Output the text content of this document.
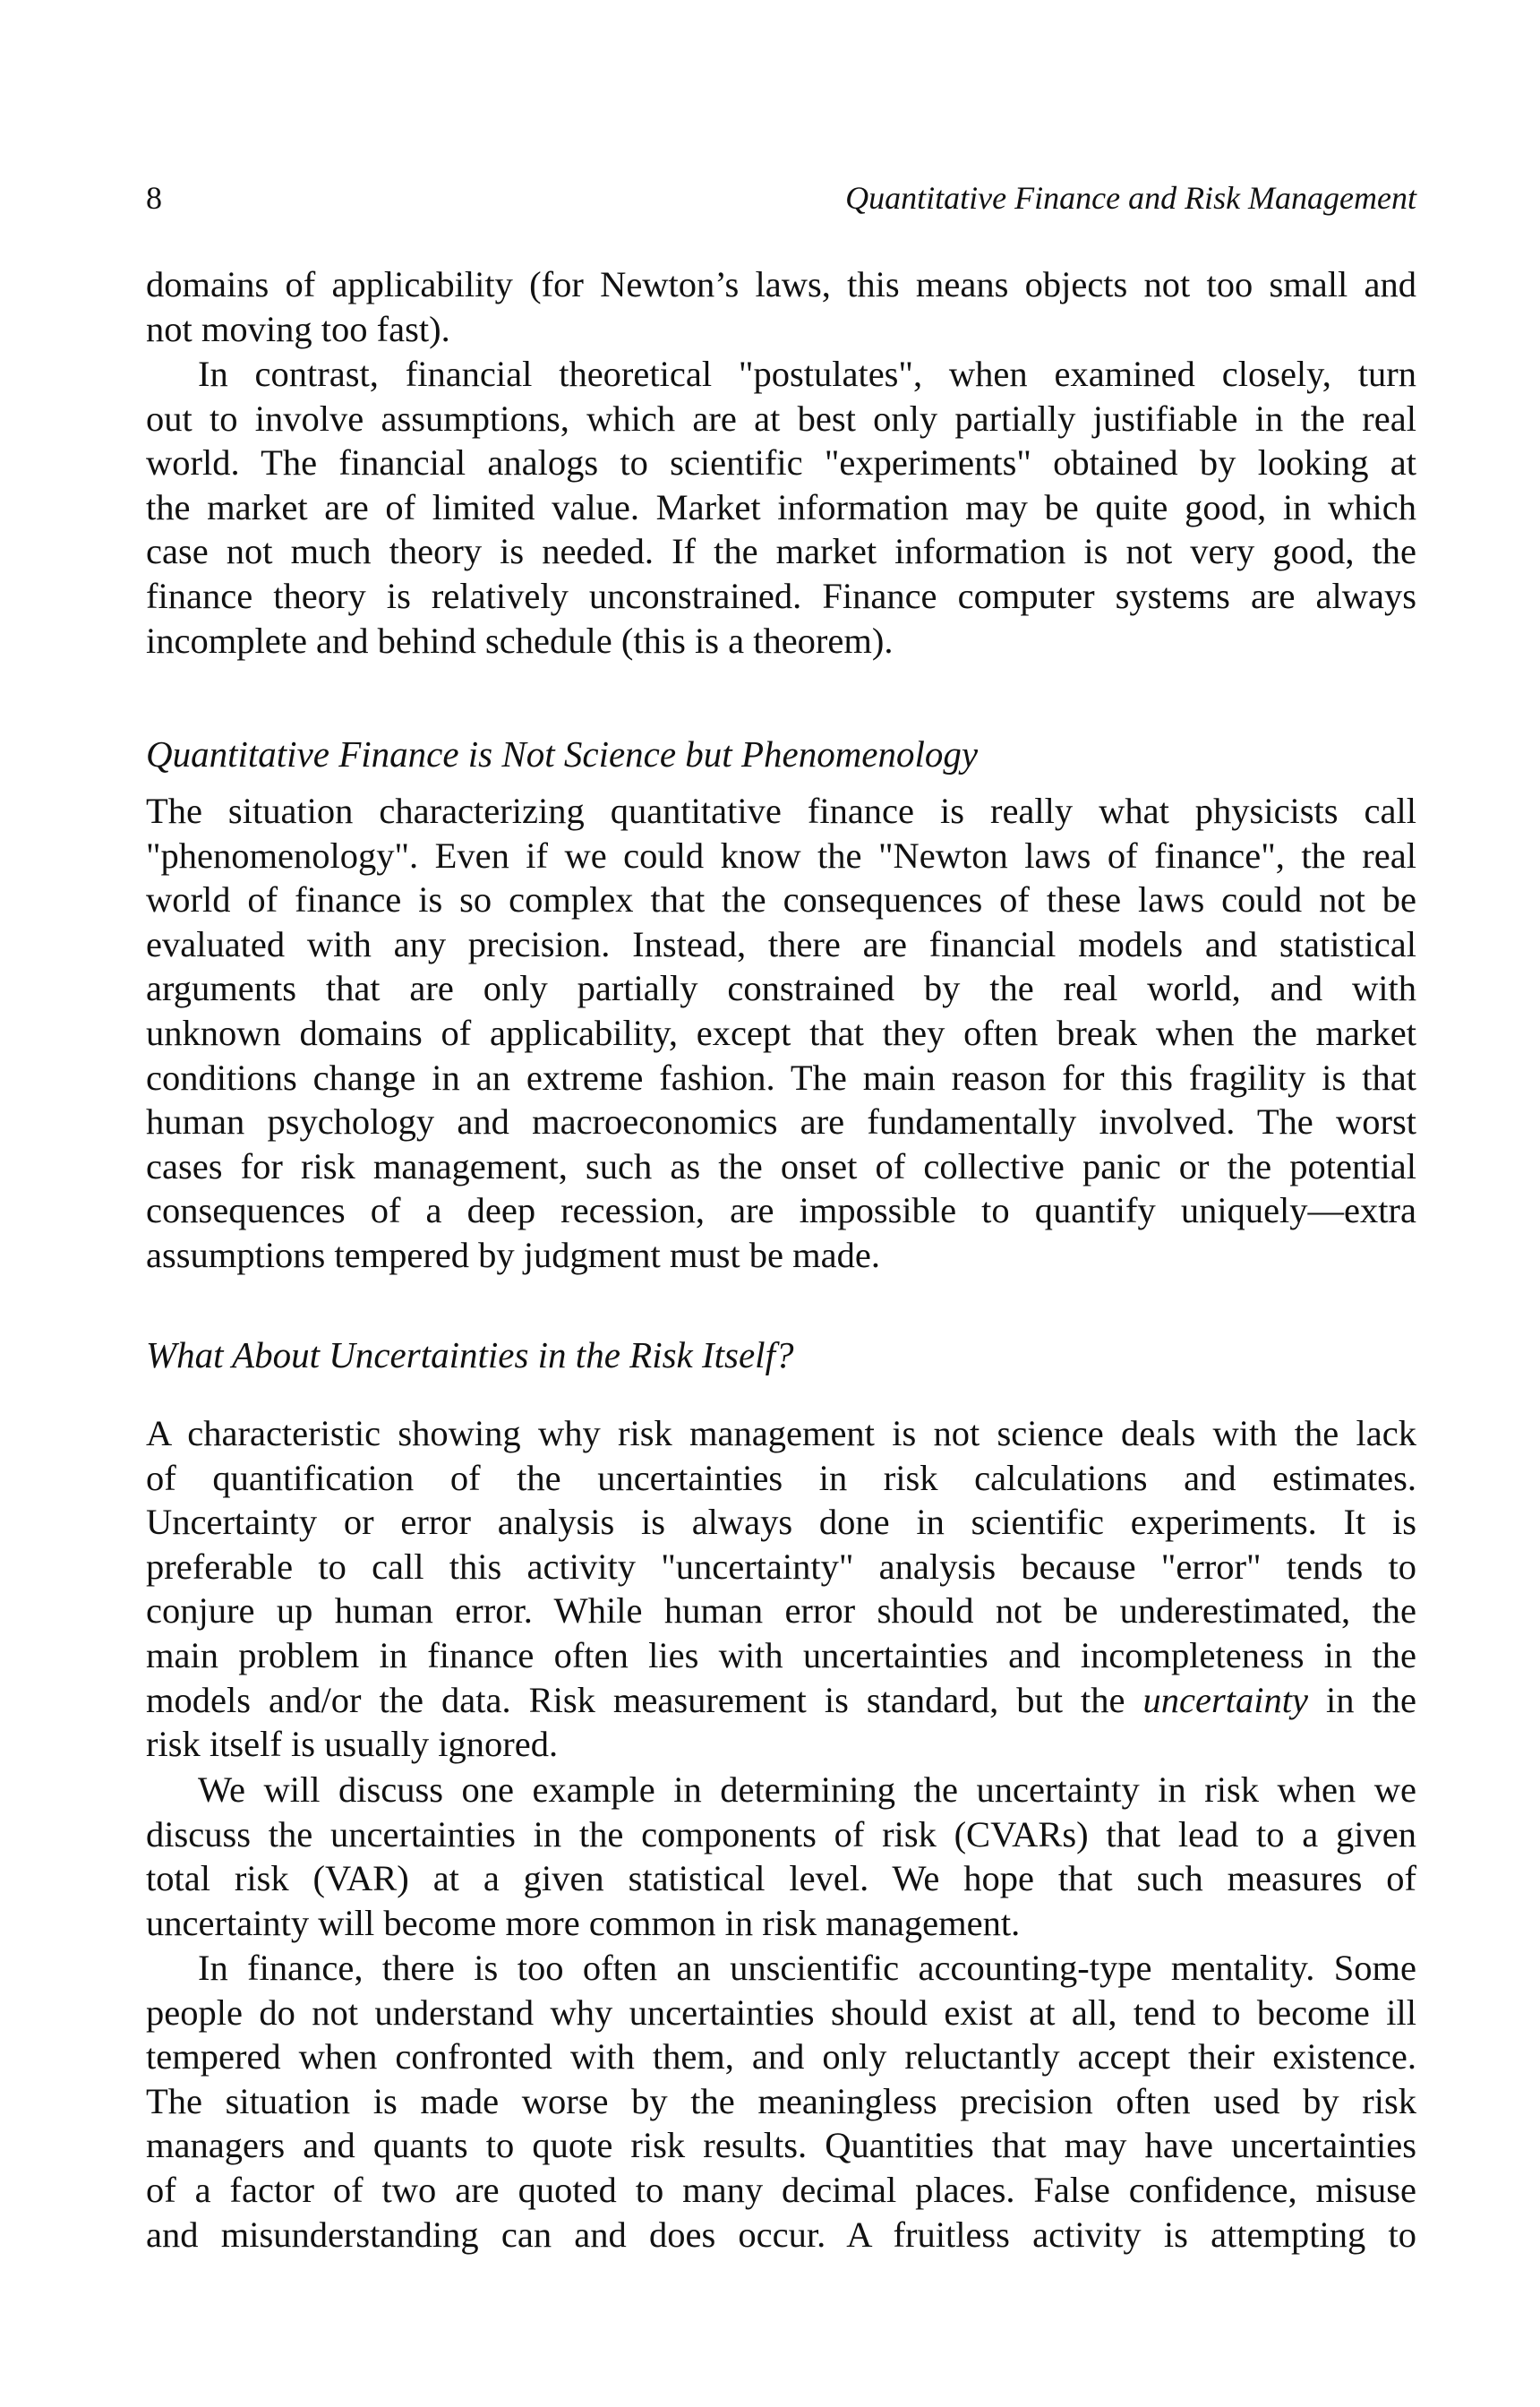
8	Quantitative Finance and Risk Management
domains of applicability (for Newton’s laws, this means objects not too small and
not moving too fast).
In contrast, financial theoretical "postulates", when examined closely, turn
out to involve assumptions, which are at best only partially justifiable in the real
world. The financial analogs to scientific "experiments" obtained by looking at
the market are of limited value. Market information may be quite good, in which
case not much theory is needed. If the market information is not very good, the
finance theory is relatively unconstrained. Finance computer systems are always
incomplete and behind schedule (this is a theorem).
Quantitative Finance is Not Science but Phenomenology
The situation characterizing quantitative finance is really what physicists call
"phenomenology". Even if we could know the "Newton laws of finance", the real
world of finance is so complex that the consequences of these laws could not be
evaluated with any precision. Instead, there are financial models and statistical
arguments that are only partially constrained by the real world, and with
unknown domains of applicability, except that they often break when the market
conditions change in an extreme fashion. The main reason for this fragility is that
human psychology and macroeconomics are fundamentally involved. The worst
cases for risk management, such as the onset of collective panic or the potential
consequences of a deep recession, are impossible to quantify uniquely—extra
assumptions tempered by judgment must be made.
What About Uncertainties in the Risk Itself?
A characteristic showing why risk management is not science deals with the lack
of quantification of the uncertainties in risk calculations and estimates.
Uncertainty or error analysis is always done in scientific experiments. It is
preferable to call this activity "uncertainty" analysis because "error" tends to
conjure up human error. While human error should not be underestimated, the
main problem in finance often lies with uncertainties and incompleteness in the
models and/or the data. Risk measurement is standard, but the uncertainty in the
risk itself is usually ignored.
We will discuss one example in determining the uncertainty in risk when we
discuss the uncertainties in the components of risk (CVARs) that lead to a given
total risk (VAR) at a given statistical level. We hope that such measures of
uncertainty will become more common in risk management.
In finance, there is too often an unscientific accounting-type mentality. Some
people do not understand why uncertainties should exist at all, tend to become ill
tempered when confronted with them, and only reluctantly accept their existence.
The situation is made worse by the meaningless precision often used by risk
managers and quants to quote risk results. Quantities that may have uncertainties
of a factor of two are quoted to many decimal places. False confidence, misuse
and misunderstanding can and does occur. A fruitless activity is attempting to
